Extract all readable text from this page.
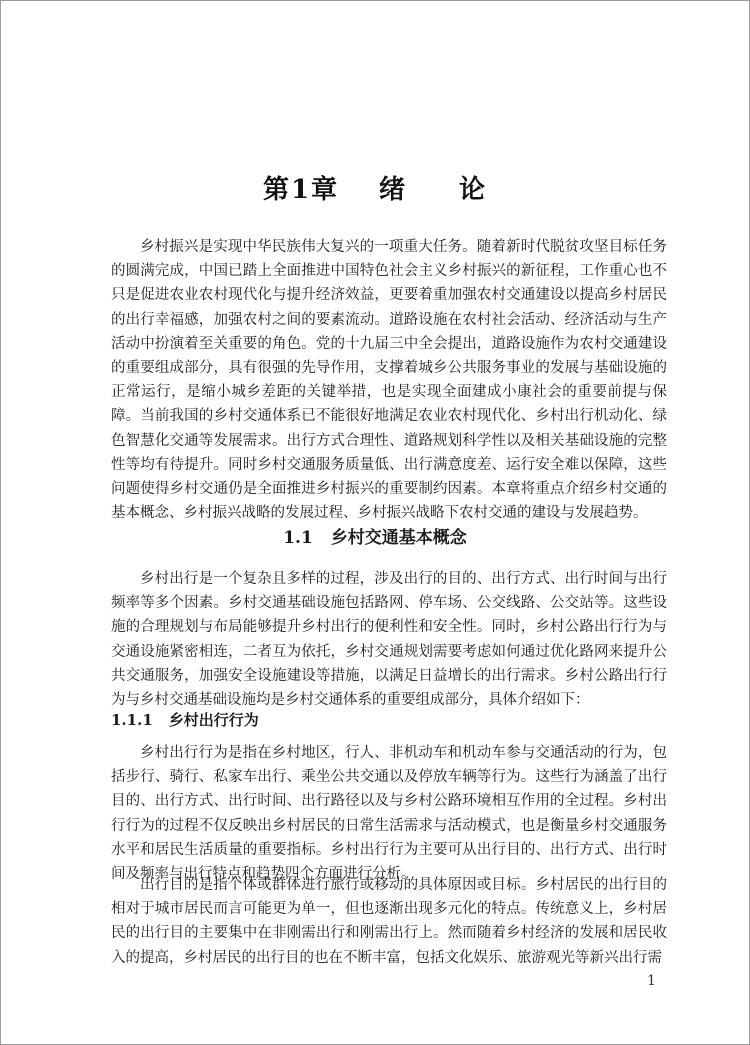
第1章 绪 论

乡村振兴是实现中华民族伟大复兴的一项重大任务。随着新时代脱贫攻坚目标任务的圆满完成，中国已踏上全面推进中国特色社会主义乡村振兴的新征程，工作重心也不只是促进农业农村现代化与提升经济效益，更要着重加强农村交通建设以提高乡村居民的出行幸福感，加强农村之间的要素流动。道路设施在农村社会活动、经济活动与生产活动中扮演着至关重要的角色。党的十九届三中全会提出，道路设施作为农村交通建设的重要组成部分，具有很强的先导作用，支撑着城乡公共服务事业的发展与基础设施的正常运行，是缩小城乡差距的关键举措，也是实现全面建成小康社会的重要前提与保障。当前我国的乡村交通体系已不能很好地满足农业农村现代化、乡村出行机动化、绿色智慧化交通等发展需求。出行方式合理性、道路规划科学性以及相关基础设施的完整性等均有待提升。同时乡村交通服务质量低、出行满意度差、运行安全难以保障，这些问题使得乡村交通仍是全面推进乡村振兴的重要制约因素。本章将重点介绍乡村交通的基本概念、乡村振兴战略的发展过程、乡村振兴战略下农村交通的建设与发展趋势。

1.1 乡村交通基本概念

乡村出行是一个复杂且多样的过程，涉及出行的目的、出行方式、出行时间与出行频率等多个因素。乡村交通基础设施包括路网、停车场、公交线路、公交站等。这些设施的合理规划与布局能够提升乡村出行的便利性和安全性。同时，乡村公路出行行为与交通设施紧密相连，二者互为依托，乡村交通规划需要考虑如何通过优化路网来提升公共交通服务，加强安全设施建设等措施，以满足日益增长的出行需求。乡村公路出行行为与乡村交通基础设施均是乡村交通体系的重要组成部分，具体介绍如下：

1.1.1 乡村出行行为

乡村出行行为是指在乡村地区，行人、非机动车和机动车参与交通活动的行为，包括步行、骑行、私家车出行、乘坐公共交通以及停放车辆等行为。这些行为涵盖了出行目的、出行方式、出行时间、出行路径以及与乡村公路环境相互作用的全过程。乡村出行行为的过程不仅反映出乡村居民的日常生活需求与活动模式，也是衡量乡村交通服务水平和居民生活质量的重要指标。乡村出行行为主要可从出行目的、出行方式、出行时间及频率与出行特点和趋势四个方面进行分析。

出行目的是指个体或群体进行旅行或移动的具体原因或目标。乡村居民的出行目的相对于城市居民而言可能更为单一，但也逐渐出现多元化的特点。传统意义上，乡村居民的出行目的主要集中在非刚需出行和刚需出行上。然而随着乡村经济的发展和居民收入的提高，乡村居民的出行目的也在不断丰富，包括文化娱乐、旅游观光等新兴出行需

1
